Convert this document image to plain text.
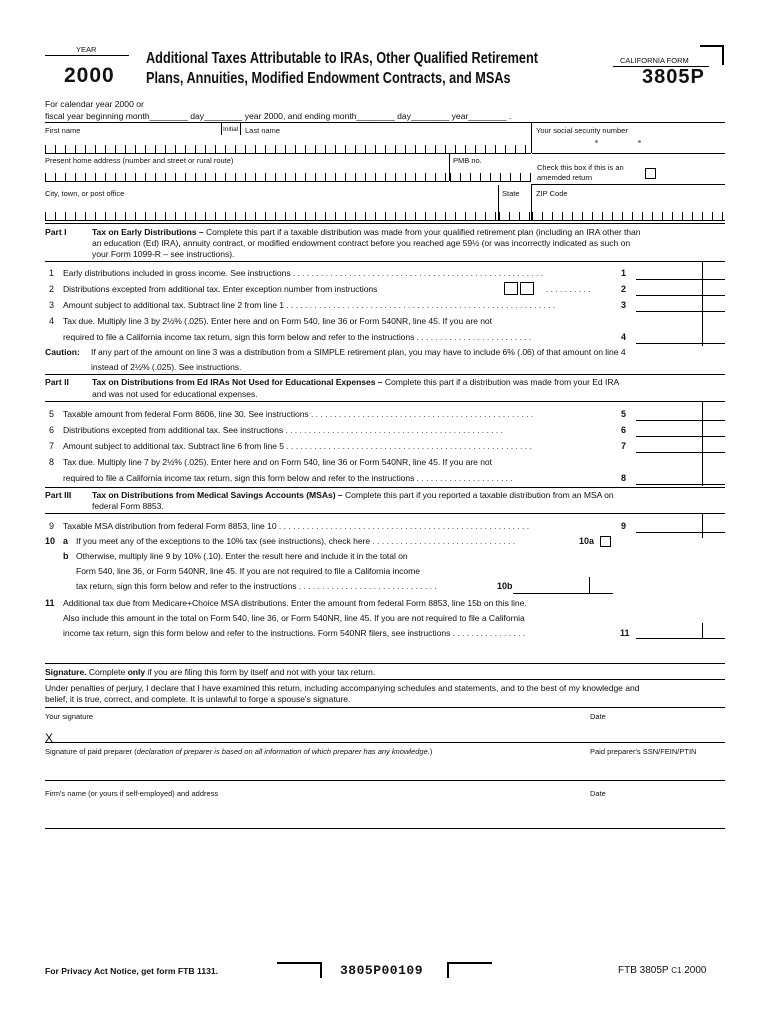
YEAR
2000
Additional Taxes Attributable to IRAs, Other Qualified Retirement
Plans, Annuities, Modified Endowment Contracts, and MSAs
CALIFORNIA FORM
3805P
For calendar year 2000 or
fiscal year beginning month________ day________ year 2000, and ending month________ day________ year________ .
First name	Initial Last name	Your social security number
Present home address (number and street or rural route)	PMB no.
Check this box if this is an amemded return
City, town, or post office	State ZIP Code
Part I	Tax on Early Distributions – Complete this part if a taxable distribution was made from your qualified retirement plan (including an IRA other than
an education (Ed) IRA), annuity contract, or modified endowment contract before you reached age 59½ (or was incorrectly indicated as such on
your Form 1099-R – see instructions).
1 Early distributions included in gross income. See instructions . . . . . . . . . . . . . . . . . . . . . . . . . . . . . . . . . . . . . . . . . . . . . . . . . . . . . .	1
2 Distributions excepted from additional tax. Enter exception number from instructions	. . . . . . . . . .	2
3 Amount subject to additional tax. Subtract line 2 from line 1 . . . . . . . . . . . . . . . . . . . . . . . . . . . . . . . . . . . . . . . . . . . . . . . . . . . . . . . . . .	3
4 Tax due. Multiply line 3 by 2½% (.025). Enter here and on Form 540, line 36 or Form 540NR, line 45. If you are not
required to file a California income tax return, sign this form below and refer to the instructions . . . . . . . . . . . . . . . . . . . . . . . . .	4
Caution: If any part of the amount on line 3 was a distribution from a SIMPLE retirement plan, you may have to include 6% (.06) of that amount on line 4
instead of 2½% (.025). See instructions.
Part II	Tax on Distributions from Ed IRAs Not Used for Educational Expenses – Complete this part if a distribution was made from your Ed IRA
and was not used for educational expenses.
5 Taxable amount from federal Form 8606, line 30. See instructions . . . . . . . . . . . . . . . . . . . . . . . . . . . . . . . . . . . . . . . . . . . . . . . .	5
6 Distributions excepted from additional tax. See instructions . . . . . . . . . . . . . . . . . . . . . . . . . . . . . . . . . . . . . . . . . . . . . . .	6
7 Amount subject to additional tax. Subtract line 6 from line 5 . . . . . . . . . . . . . . . . . . . . . . . . . . . . . . . . . . . . . . . . . . . . . . . . . . . . .	7
8 Tax due. Multiply line 7 by 2½% (.025). Enter here and on Form 540, line 36 or Form 540NR, line 45. If you are not
required to file a California income tax return, sign this form below and refer to the instructions . . . . . . . . . . . . . . . . . . . . .	8
Part III Tax on Distributions from Medical Savings Accounts (MSAs) – Complete this part if you reported a taxable distribution from an MSA on
federal Form 8853.
9 Taxable MSA distribution from federal Form 8853, line 10 . . . . . . . . . . . . . . . . . . . . . . . . . . . . . . . . . . . . . . . . . . . . . . . . . . . . . .	9
10 a If you meet any of the exceptions to the 10% tax (see instructions), check here . . . . . . . . . . . . . . . . . . . . . . . . . . . . . . .	10a
b Otherwise, multiply line 9 by 10% (.10). Enter the result here and include it in the total on
Form 540, line 36, or Form 540NR, line 45. If you are not required to file a California income
tax return, sign this form below and refer to the instructions . . . . . . . . . . . . . . . . . . . . . . . . . . . . . .	10b
11 Additional tax due from Medicare+Choice MSA distributions. Enter the amount from federal Form 8853, line 15b on this line.
Also include this amount in the total on Form 540, line 36, or Form 540NR, line 45. If you are not required to file a California
income tax return, sign this form below and refer to the instructions. Form 540NR filers, see instructions . . . . . . . . . . . . . . . .	11
Signature. Complete only if you are filing this form by itself and not with your tax return.
Under penalties of perjury, I declare that I have examined this return, including accompanying schedules and statements, and to the best of my knowledge and
belief, it is true, correct, and complete. It is unlawful to forge a spouse's signature.
Your signature	Date
X
Signature of paid preparer (declaration of preparer is based on all information of which preparer has any knowledge.)	Paid preparer's SSN/FEIN/PTIN
Firm's name (or yours if self-employed) and address	Date
For Privacy Act Notice, get form FTB 1131.	3805P00109	FTB 3805P C1 2000
